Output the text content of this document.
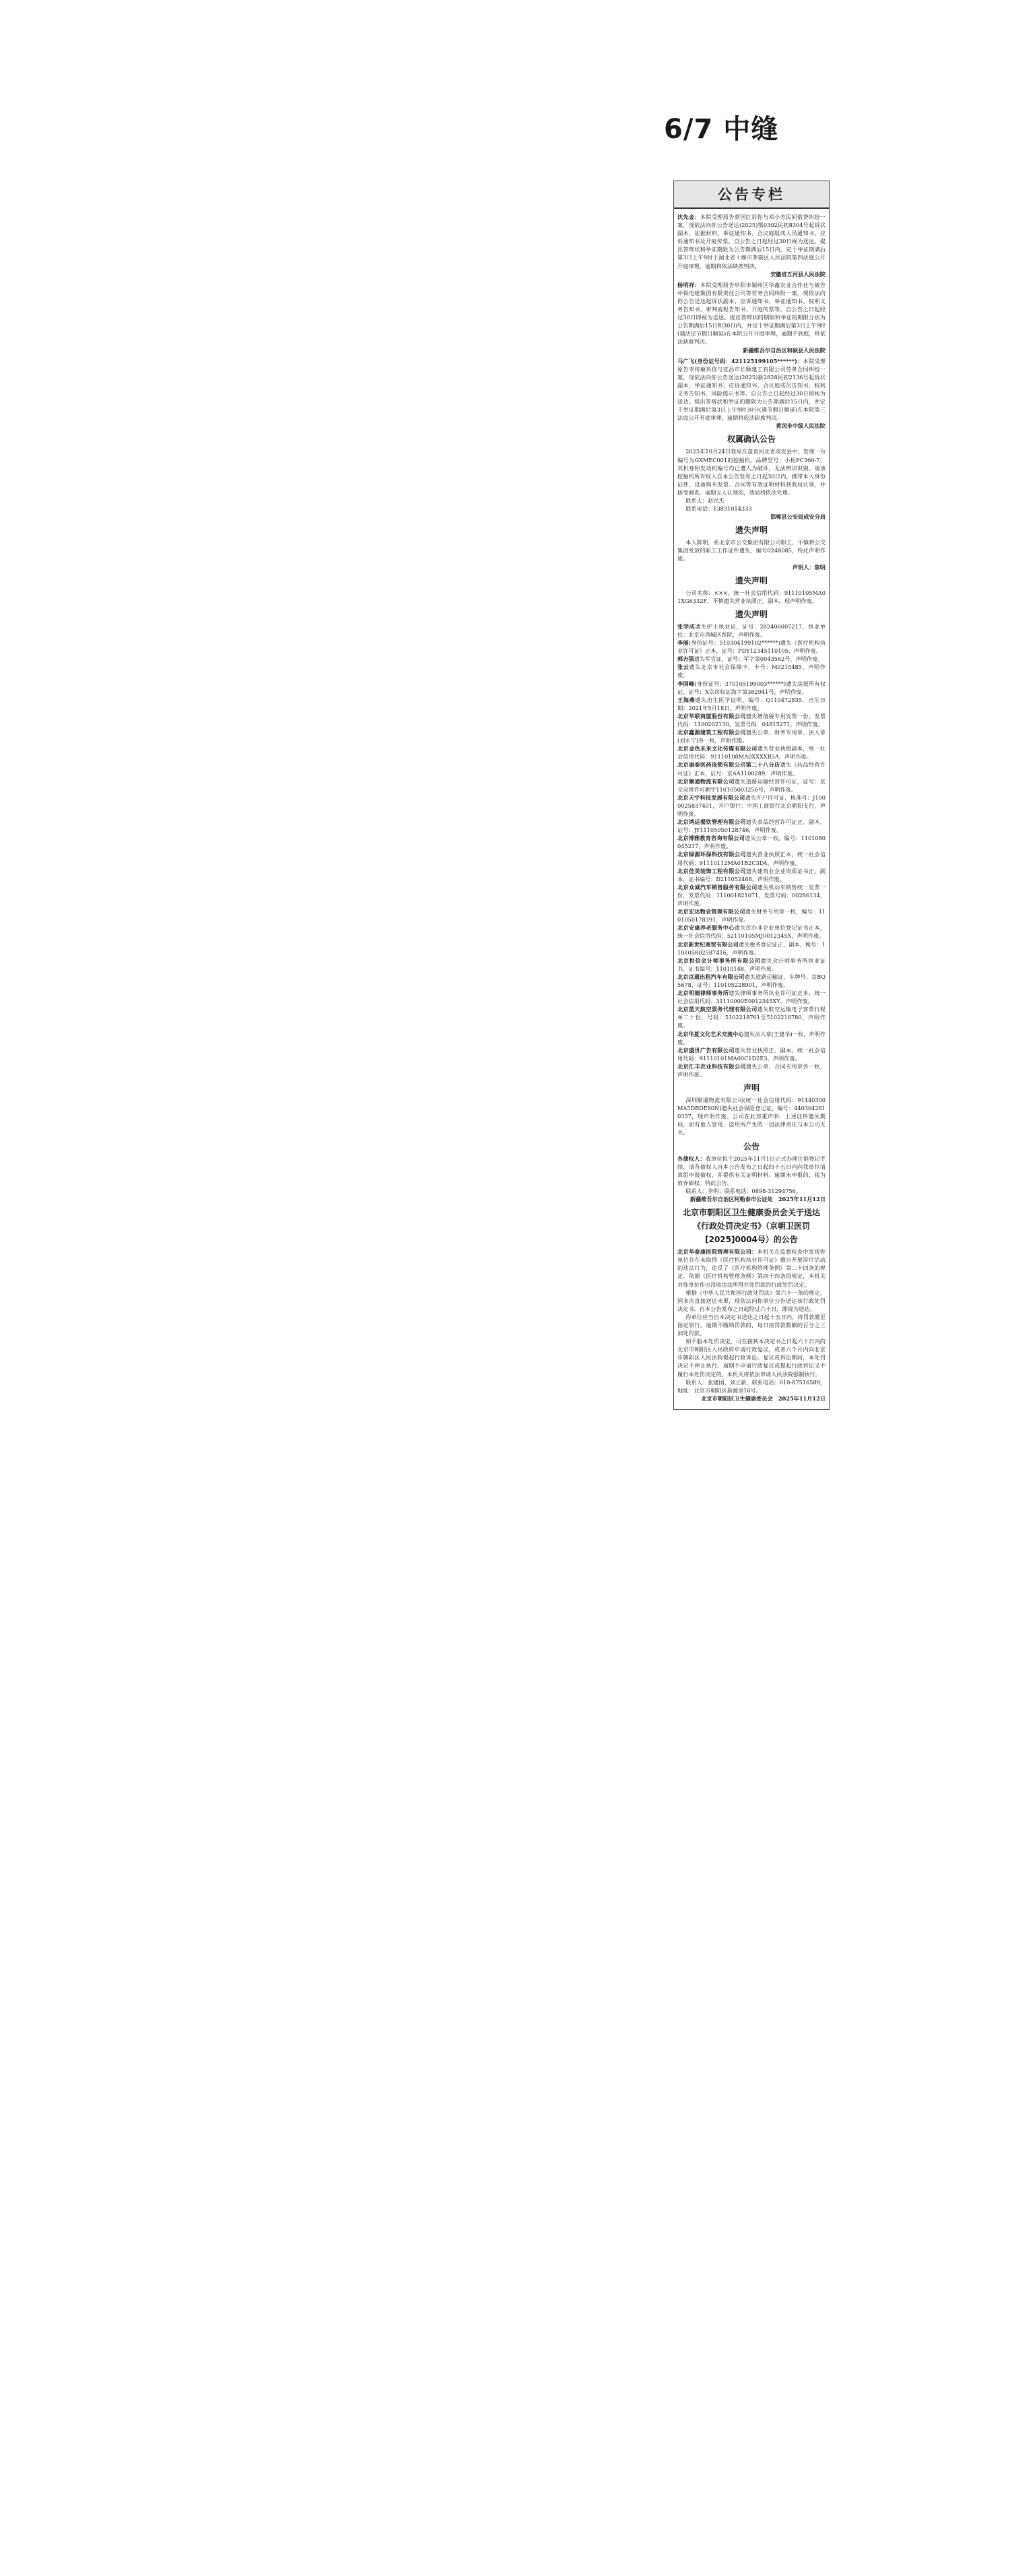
6/7 中缝
公告专栏
沈先金：本院受理原告蔡国红诉你与邓小芳民间借贷纠纷一案，现依法向你公告送达(2025)鄂0302民初8304号起诉状副本、证据材料、举证通知书、合议庭组成人员通知书、应诉通知书及开庭传票。自公告之日起经过30日视为送达。提出答辩状和举证期限为公告期满后15日内。定于举证期满后第3日上午9时于湖北省十堰市茅箭区人民法院第四法庭公开开庭审理，逾期将依法缺席判决。
安徽省五河县人民法院
杨明祥：本院受理原告阜阳市颍州区华鑫农业合作社与被告中铁电建集团有限责任公司等劳务合同纠纷一案，现依法向你公告送达起诉状副本、应诉通知书、举证通知书、权利义务告知书、审判流程告知书、开庭传票等。自公告之日起经过30日即视为送达。提出答辩状的期限和举证的期限分别为公告期满后15日和30日内，并定于举证期满后第3日上午9时(遇法定节假日顺延)在本院公开开庭审理，逾期不到庭，将依法缺席判决。
新疆维吾尔自治区和硕县人民法院
马广飞(身份证号码：421125199105******)：本院受理原告李传敏诉你与宜昌市长顺建工有限公司劳务合同纠纷一案，现依法向你公告送达(2025)新2828民初2136号起诉状副本、举证通知书、应诉通知书、合议庭成员告知书、权利义务告知书、风险提示书等。自公告之日起经过30日即视为送达。提出答辩状和举证的期限为公告期满后15日内，并定于举证期满后第3日上午9时30分(遇节假日顺延)在本院第三法庭公开开庭审理，逾期将依法缺席判决。
黄冈市中级人民法院
权属确认公告
2025年10月24日我局在盘查河北省成安县中，发现一台编号为GXMEC001的挖掘机，品牌型号：小松PC360-7，其机身和发动机编号均已遭人为破坏，无法辨识识别。请该挖掘机所有权人自本公告发布之日起30日内，携带本人身份证件、设备购买发票、合同等有效证明材料到我局认领，并接受调查。逾期无人认领的，我局将依法处理。
联系人：赵民杰
联系电话：13831014333
邯郸县公安局成安分局
遗失声明
本人陈明，系北京市公交集团有限公司职工，不慎将公交集团发放的职工工作证件遗失，编号0248085，特此声明作废。
声明人：陈明
遗失声明
公司名称：×××，统一社会信用代码：91110105MA01XG6332F，不慎遗失营业执照正、副本，现声明作废。
遗失声明
张学成遗失护士执业证，证号：202406007217，执业单位：北京市西城区医院，声明作废。
李丽(身份证号：510304199102******)遗失《医疗机构执业许可证》正本，证号：PDY12345110105，声明作废。
郭吉强遗失军官证，证号：军字第0043562号，声明作废。
张云遗失北京市社会保障卡，卡号：M0215485，声明作废。
李国峰(身份证号：370105199003******)遗失房屋所有权证，证号：X京房权证海字第382941号，声明作废。
王海燕遗失出生医学证明，编号：Q110472835，出生日期：2021年5月18日，声明作废。
北京华联商厦股份有限公司遗失增值税专用发票一份，发票代码：1100202130，发票号码：04815271，声明作废。
北京鑫源建筑工程有限公司遗失公章、财务专用章、法人章(刘永宁)各一枚，声明作废。
北京金色未来文化传媒有限公司遗失营业执照副本，统一社会信用代码：91110108MA0XXXXR5A，声明作废。
北京康泰医药连锁有限公司第二十八分店遗失《药品经营许可证》正本，证号：京AA1100289，声明作废。
北京顺通物流有限公司遗失道路运输经营许可证，证号：京交运管许可朝字110105003256号，声明作废。
北京天宇科技发展有限公司遗失开户许可证，核准号：J1000025837401，开户银行：中国工商银行北京朝阳支行，声明作废。
北京鸿运餐饮管理有限公司遗失食品经营许可证正、副本，证号：JY11105050128746，声明作废。
北京博雅教育咨询有限公司遗失公章一枚，编号：1101080045217，声明作废。
北京绿源环保科技有限公司遗失营业执照正本，统一社会信用代码：91110112MA01B2C3D4，声明作废。
北京佳美装饰工程有限公司遗失建筑业企业资质证书正、副本，证书编号：D211052468，声明作废。
北京众诚汽车销售服务有限公司遗失机动车销售统一发票一份，发票代码：111001821071，发票号码：00286134，声明作废。
北京宏达物业管理有限公司遗失财务专用章一枚，编号：1101050178391，声明作废。
北京安康养老服务中心遗失民办非企业单位登记证书正本，统一社会信用代码：52110105MJ0012345X，声明作废。
北京新世纪商贸有限公司遗失税务登记证正、副本，税号：110105802587416，声明作废。
北京恒信会计师事务所有限公司遗失会计师事务所执业证书，证书编号：11010148，声明作废。
北京京通出租汽车有限公司遗失道路运输证，车牌号：京BQ5678，证号：110105228901，声明作废。
北京明德律师事务所遗失律师事务所执业许可证正本，统一社会信用代码：31110000E0012345XY，声明作废。
北京蓝天航空票务代理有限公司遗失航空运输电子客票行程单二十份，号码：5102218761至5102218780，声明作废。
北京华夏文化艺术交流中心遗失法人章(王建华)一枚，声明作废。
北京盛世广告有限公司遗失营业执照正、副本，统一社会信用代码：91110101MA00C1D2E3，声明作废。
北京汇丰农业科技有限公司遗失公章、合同专用章各一枚，声明作废。
声明
深圳顺通物流有限公司(统一社会信用代码：91440300MA5DBDE80N)遗失社会保险登记证，编号：4403042810337，现声明作废。公司在此郑重声明：上述证件遗失期间，如有他人冒用、盗用所产生的一切法律责任与本公司无关。
公告
各债权人：我单位拟于2025年11月1日正式办理注销登记手续，请各债权人自本公告发布之日起四十五日内向我单位清算组申报债权，并提供有关证明材料。逾期未申报的，视为放弃债权。特此公告。
联系人：李明；联系电话：0898-31294756。
新疆维吾尔自治区阿勒泰市公证处　2025年11月12日
北京市朝阳区卫生健康委员会关于送达《行政处罚决定书》（京朝卫医罚[2025]0004号）的公告
北京华泰康医院管理有限公司：本机关在监督检查中发现你单位存在未取得《医疗机构执业许可证》擅自开展诊疗活动的违法行为，违反了《医疗机构管理条例》第二十四条的规定，依据《医疗机构管理条例》第四十四条的规定，本机关对你单位作出没收违法所得并处罚款的行政处罚决定。
根据《中华人民共和国行政处罚法》第六十一条的规定，因多次直接送达未果，现依法向你单位公告送达该行政处罚决定书。自本公告发布之日起经过六十日，即视为送达。
你单位应当自本决定书送达之日起十五日内，将罚款缴至指定银行。逾期不缴纳罚款的，每日按罚款数额的百分之三加处罚款。
如不服本处罚决定，可在接到本决定书之日起六十日内向北京市朝阳区人民政府申请行政复议，或者六个月内向北京市朝阳区人民法院提起行政诉讼。复议或诉讼期间，本处罚决定不停止执行。逾期不申请行政复议或提起行政诉讼又不履行本处罚决定的，本机关将依法申请人民法院强制执行。
联系人：张建国、刘立新，联系电话：010-87516589，地址：北京市朝阳区新源里16号。
北京市朝阳区卫生健康委员会　2025年11月12日
